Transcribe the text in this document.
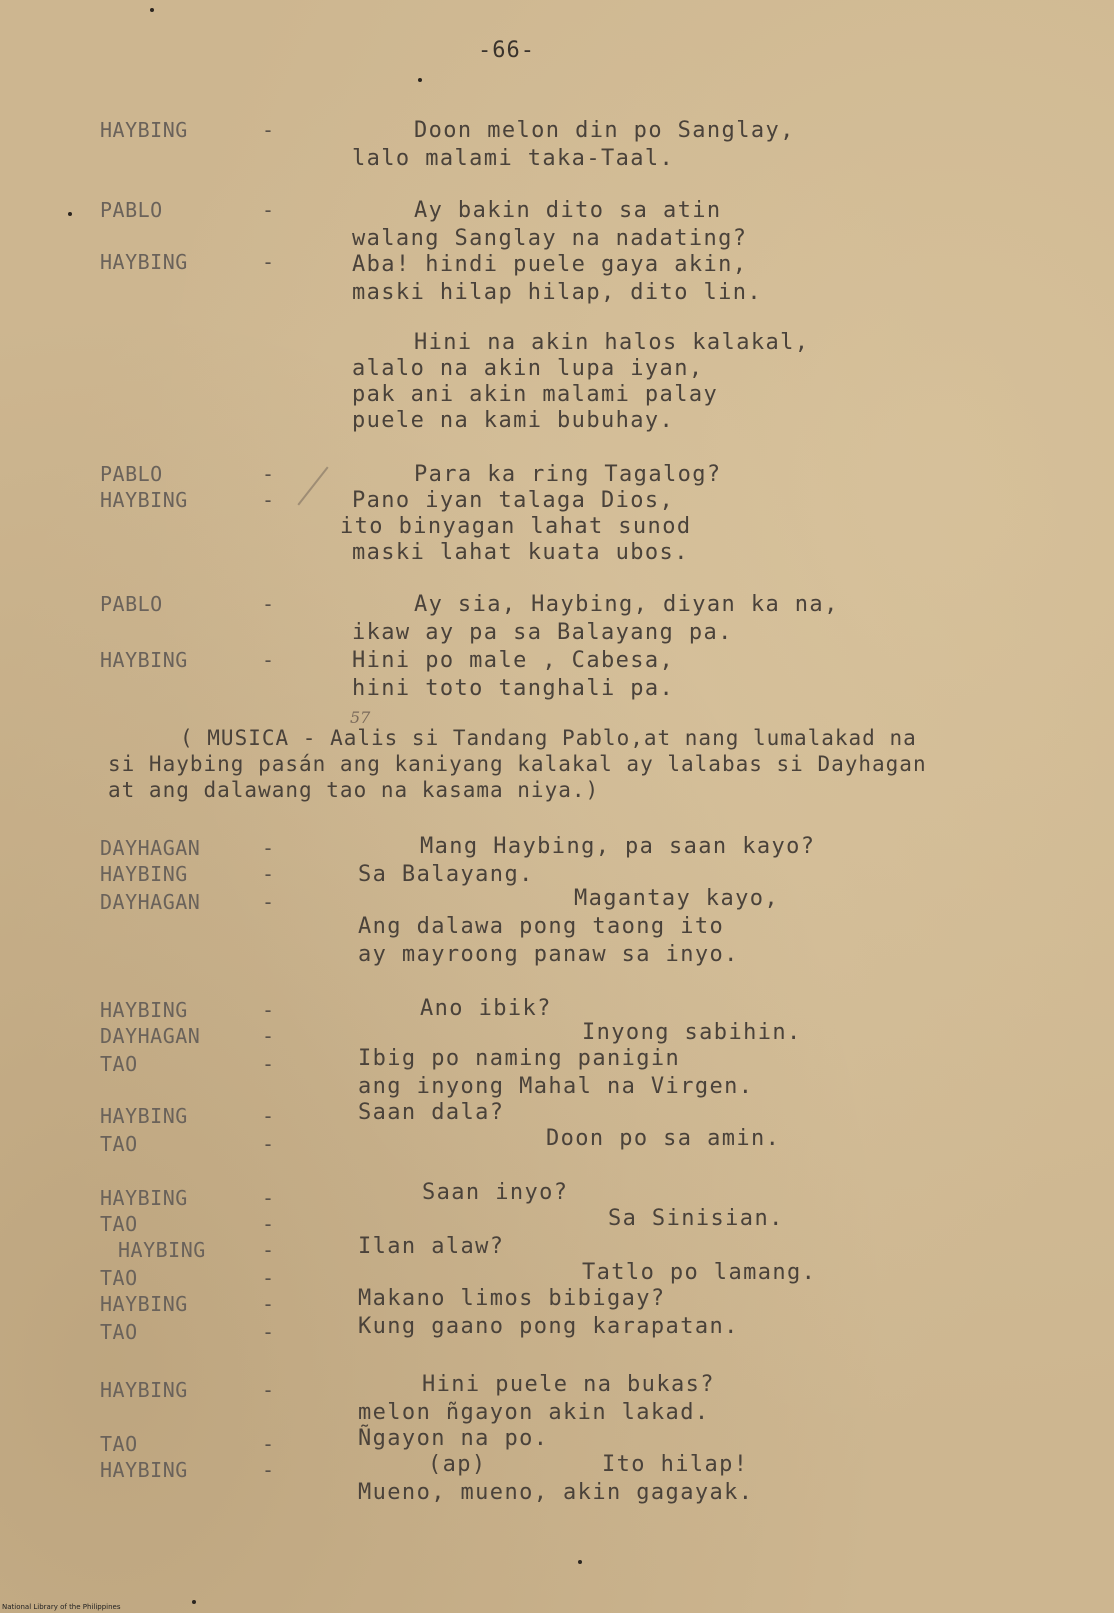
-66-
HAYBING	-	Doon melon din po Sanglay,
lalo malami taka-Taal.
PABLO	-	Ay bakin dito sa atin
walang Sanglay na nadating?
HAYBING	-	Aba! hindi puele gaya akin,
maski hilap hilap, dito lin.
Hini na akin halos kalakal,
alalo na akin lupa iyan,
pak ani akin malami palay
puele na kami bubuhay.
PABLO	-	Para ka ring Tagalog?
HAYBING	-	Pano iyan talaga Dios,
ito binyagan lahat sunod
maski lahat kuata ubos.
PABLO	-	Ay sia, Haybing, diyan ka na,
ikaw ay pa sa Balayang pa.
HAYBING	-	Hini po male , Cabesa,
hini toto tanghali pa.
57
( MUSICA - Aalis si Tandang Pablo,at nang lumalakad na
si Haybing pasán ang kaniyang kalakal ay lalabas si Dayhagan
at ang dalawang tao na kasama niya.)
DAYHAGAN	-	Mang Haybing, pa saan kayo?
HAYBING	-	Sa Balayang.
DAYHAGAN	-	Magantay kayo,
Ang dalawa pong taong ito
ay mayroong panaw sa inyo.
HAYBING	-	Ano ibik?
DAYHAGAN	-	Inyong sabihin.
TAO	-	Ibig po naming panigin
ang inyong Mahal na Virgen.
HAYBING	-	Saan dala?
TAO	-	Doon po sa amin.
HAYBING	-	Saan inyo?
TAO	-	Sa Sinisian.
HAYBING	-	Ilan alaw?
TAO	-	Tatlo po lamang.
HAYBING	-	Makano limos bibigay?
TAO	-	Kung gaano pong karapatan.
HAYBING	-	Hini puele na bukas?
melon ñgayon akin lakad.
TAO	-	Ñgayon na po.
HAYBING	-	(ap)	Ito hilap!
Mueno, mueno, akin gagayak.
National Library of the Philippines
